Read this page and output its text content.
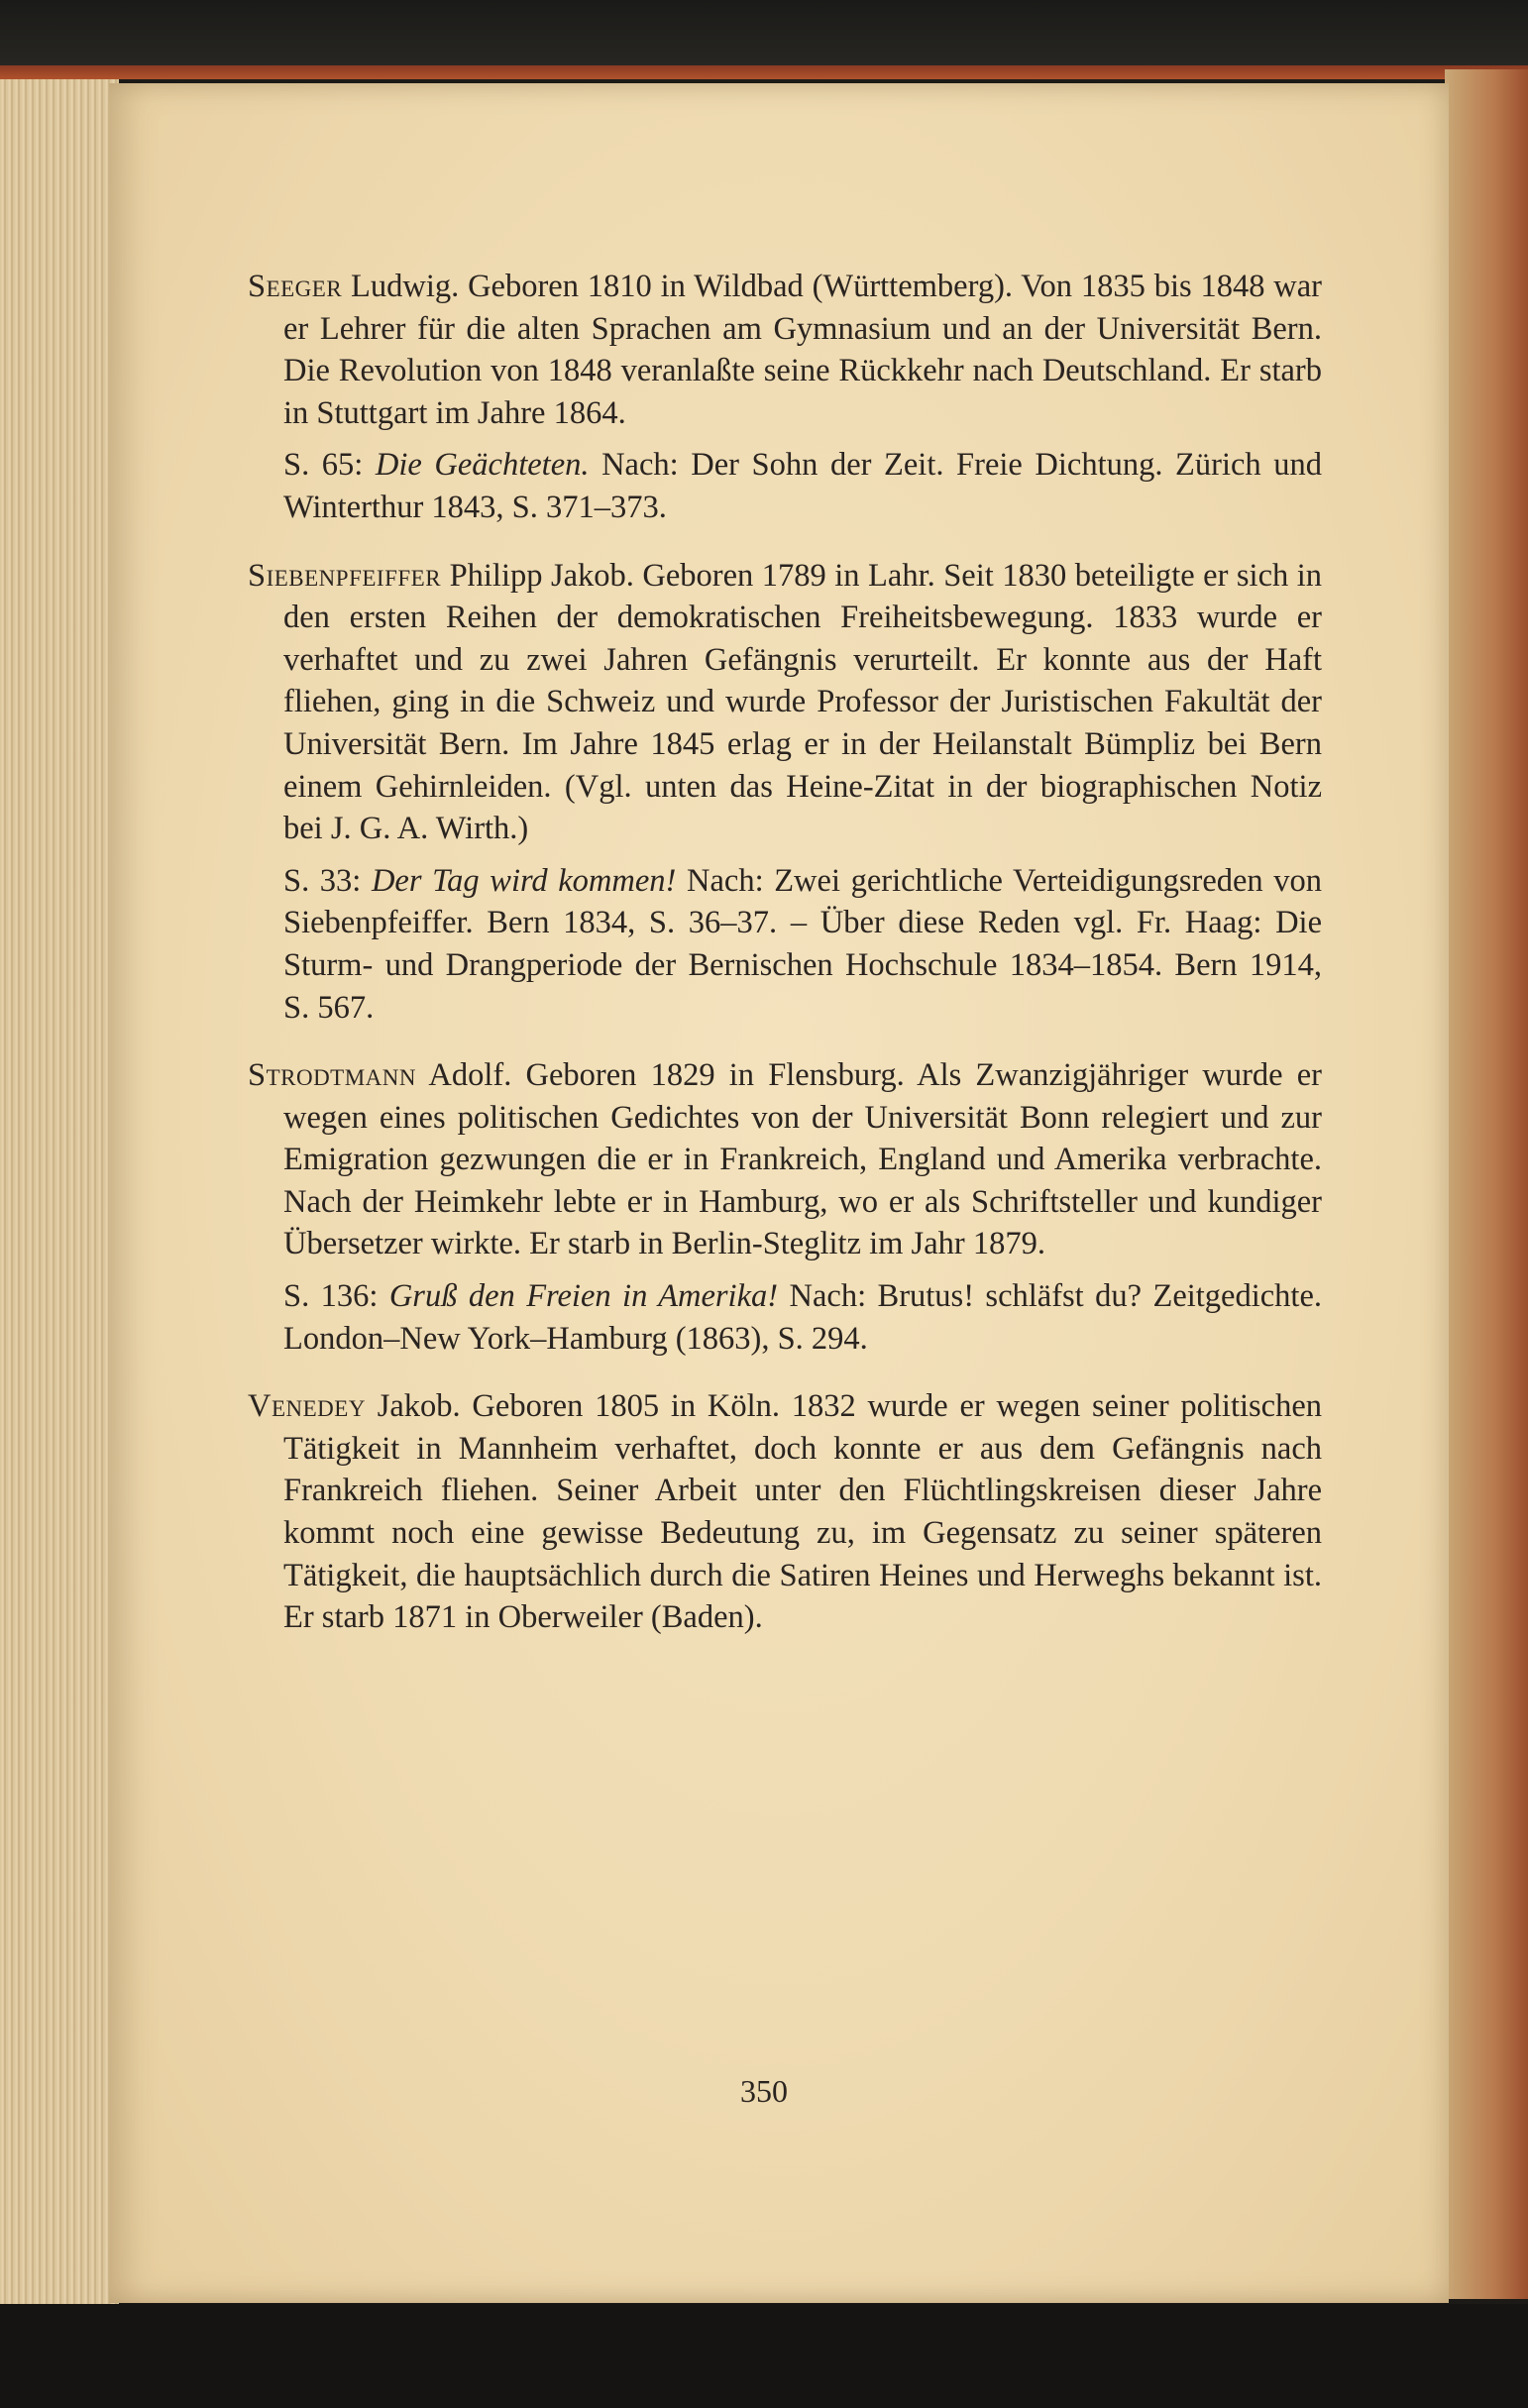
Seeger Ludwig. Geboren 1810 in Wildbad (Württemberg). Von 1835 bis 1848 war er Lehrer für die alten Sprachen am Gymnasium und an der Universität Bern. Die Revolution von 1848 veranlaßte seine Rückkehr nach Deutschland. Er starb in Stuttgart im Jahre 1864.

S. 65: Die Geächteten. Nach: Der Sohn der Zeit. Freie Dichtung. Zürich und Winterthur 1843, S. 371–373.

Siebenpfeiffer Philipp Jakob. Geboren 1789 in Lahr. Seit 1830 beteiligte er sich in den ersten Reihen der demokratischen Freiheitsbewegung. 1833 wurde er verhaftet und zu zwei Jahren Gefängnis verurteilt. Er konnte aus der Haft fliehen, ging in die Schweiz und wurde Professor der Juristischen Fakultät der Universität Bern. Im Jahre 1845 erlag er in der Heilanstalt Bümpliz bei Bern einem Gehirnleiden. (Vgl. unten das Heine-Zitat in der biographischen Notiz bei J. G. A. Wirth.)

S. 33: Der Tag wird kommen! Nach: Zwei gerichtliche Verteidigungsreden von Siebenpfeiffer. Bern 1834, S. 36–37. – Über diese Reden vgl. Fr. Haag: Die Sturm- und Drangperiode der Bernischen Hochschule 1834–1854. Bern 1914, S. 567.

Strodtmann Adolf. Geboren 1829 in Flensburg. Als Zwanzigjähriger wurde er wegen eines politischen Gedichtes von der Universität Bonn relegiert und zur Emigration gezwungen die er in Frankreich, England und Amerika verbrachte. Nach der Heimkehr lebte er in Hamburg, wo er als Schriftsteller und kundiger Übersetzer wirkte. Er starb in Berlin-Steglitz im Jahr 1879.

S. 136: Gruß den Freien in Amerika! Nach: Brutus! schläfst du? Zeitgedichte. London–New York–Hamburg (1863), S. 294.

Venedey Jakob. Geboren 1805 in Köln. 1832 wurde er wegen seiner politischen Tätigkeit in Mannheim verhaftet, doch konnte er aus dem Gefängnis nach Frankreich fliehen. Seiner Arbeit unter den Flüchtlingskreisen dieser Jahre kommt noch eine gewisse Bedeutung zu, im Gegensatz zu seiner späteren Tätigkeit, die hauptsächlich durch die Satiren Heines und Herweghs bekannt ist. Er starb 1871 in Oberweiler (Baden).

350
